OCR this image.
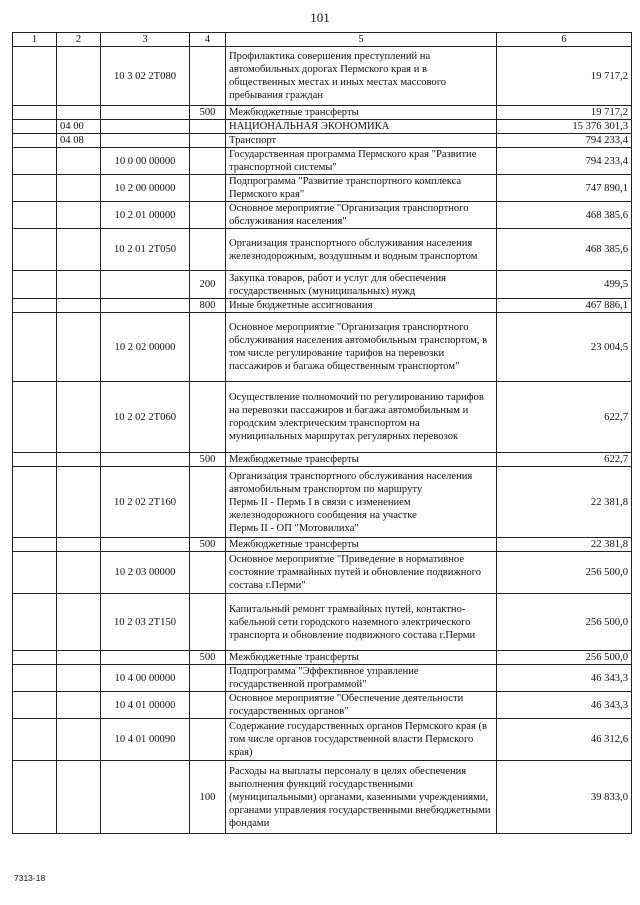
101
1	2	3	4	5	6
		10 3 02 2Т080		Профилактика совершения преступлений на автомобильных дорогах Пермского края и в общественных местах и иных местах массового пребывания граждан	19 717,2
			500	Межбюджетные трансферты	19 717,2
	04 00			НАЦИОНАЛЬНАЯ ЭКОНОМИКА	15 376 301,3
	04 08			Транспорт	794 233,4
		10 0 00 00000		Государственная программа Пермского края "Развитие транспортной системы"	794 233,4
		10 2 00 00000		Подпрограмма "Развитие транспортного комплекса Пермского края"	747 890,1
		10 2 01 00000		Основное мероприятие "Организация транспортного обслуживания населения"	468 385,6
		10 2 01 2Т050		Организация транспортного обслуживания населения железнодорожным, воздушным и водным транспортом	468 385,6
			200	Закупка товаров, работ и услуг для обеспечения государственных (муниципальных) нужд	499,5
			800	Иные бюджетные ассигнования	467 886,1
		10 2 02 00000		Основное мероприятие "Организация транспортного обслуживания населения автомобильным транспортом, в том числе регулирование тарифов на перевозки пассажиров и багажа общественным транспортом"	23 004,5
		10 2 02 2Т060		Осуществление полномочий по регулированию тарифов на перевозки пассажиров и багажа автомобильным и городским электрическим транспортом на муниципальных маршрутах регулярных перевозок	622,7
			500	Межбюджетные трансферты	622,7
		10 2 02 2Т160		Организация транспортного обслуживания населения автомобильным транспортом по маршруту
Пермь II - Пермь I в связи с изменением железнодорожного сообщения на участке
Пермь II - ОП "Мотовилиха"	22 381,8
			500	Межбюджетные трансферты	22 381,8
		10 2 03 00000		Основное мероприятие "Приведение в нормативное состояние трамвайных путей и обновление подвижного состава г.Перми"	256 500,0
		10 2 03 2Т150		Капитальный ремонт трамвайных путей, контактно-кабельной сети городского наземного электрического транспорта и обновление подвижного состава г.Перми	256 500,0
			500	Межбюджетные трансферты	256 500,0
		10 4 00 00000		Подпрограмма "Эффективное управление государственной программой"	46 343,3
		10 4 01 00000		Основное мероприятие "Обеспечение деятельности государственных органов"	46 343,3
		10 4 01 00090		Содержание государственных органов Пермского края (в том числе органов государственной власти Пермского края)	46 312,6
			100	Расходы на выплаты персоналу в целях обеспечения выполнения функций государственными (муниципальными) органами, казенными учреждениями, органами управления государственными внебюджетными фондами	39 833,0
7313-18
